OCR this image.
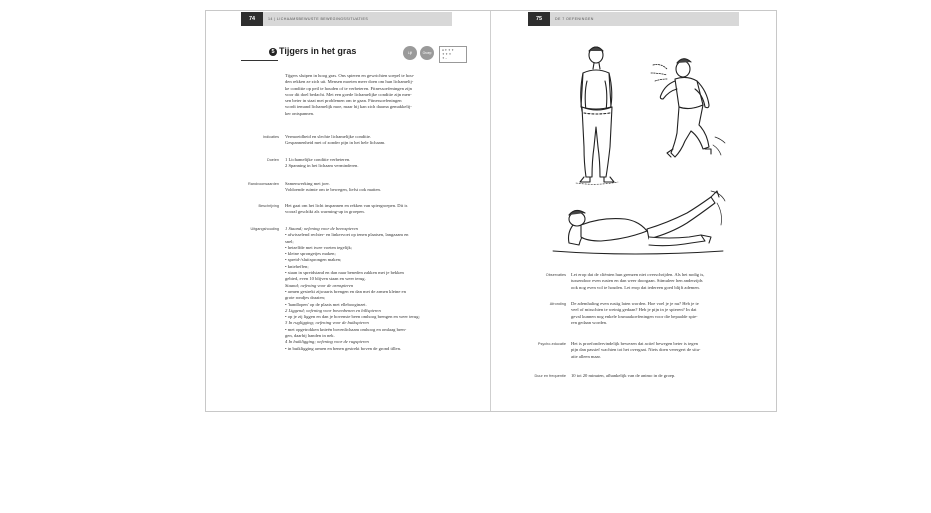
74	14 | LICHAAMSBEWUSTE BEWEGINGSSITUATIES
5 Tijgers in het gras	Lijf	Groep
A ✦ ✦ ✦
✦ ✦ ✦
✦ –
Tijgers sluipen in hoog gras. Ons spieren en gewrichten soepel te hou-
den rekken ze zich uit. Mensen moeten meer doen om hun lichamelij-
ke conditie op peil te houden of te verbeteren. Fitnessoefeningen zijn
voor dit doel bedacht. Met een goede lichamelijke conditie zijn men-
sen beter in staat met problemen om te gaan. Fitnessoefeningen
wordt iemand lichamelijk moe, maar hij kan zich daarna gemakkelij-
ker ontspannen.
Indicaties Vermoeidheid en slechte lichamelijke conditie.
Gespannenheid met of zonder pijn in het hele lichaam.
Doelen 1 Lichamelijke conditie verbeteren.
2 Spanning in het lichaam verminderen.
Randvoorwaarden Samenwerking met joer.
Voldoende ruimte om te bewegen, liefst ook matten.
Beschrijving Het gaat om het licht inspannen en rekken van spiergroepen. Dit is
vooral geschikt als warming-up in groepen.
Uitgangshouding 1 Staand; oefening voor de beenspieren
• afwisselend rechter- en linkervoet op tenen plaatsen, langzaam en
snel;
• hetzelfde met twee voeten tegelijk;
• kleine sprongetjes maken;
• spreid-/sluitsprongen maken;
• knieheffen;
• staan in spreidstand en dan naar beneden zakken met je bekken
gebied, even 10 blijven staan en weer terug.
Staand; oefening voor de armspieren
• armen gestrekt zijwaarts brengen en dan met de armen kleine en
grote rondjes draaien;
• 'handlopen' op de plaats met ellebooginzet.
2 Liggend; oefening voor bovenbenen en billspieren
• op je zij liggen en dan je bovenste been omhoog brengen en weer terug;
3 In rugligging; oefening voor de buikspieren
• met opgetrokken knieën bovenlichaam omhoog en omlaag bren-
gen, daarbij handen in nek.
4 In buikligging; oefening voor de rugspieren
• in buikligging armen en benen gestrekt boven de grond tillen.
75	DE 7 OEFENINGEN
Observaties Let erop dat de cliënten hun grenzen niet overschrijden. Als het nodig is,
tussendoor even rusten en dan weer doorgaan. Stimuleer hen anderzijds
ook nog even vol te houden. Let erop dat iedereen goed blijft ademen.
Afronding De ademhaling even rustig laten worden. Hoe voel je je nu? Heb je te
veel of misschien te weinig gedaan? Heb je pijn in je spieren? In dat
geval kunnen nog enkele losmaakoefeningen voor die bepaalde spie-
ren gedaan worden.
Psycho-educatie Het is proefondervindelijk bewezen dat actief bewegen beter is tegen
pijn dan passief wachten tot het overgaat. Niets doen verergert de situ-
atie alleen maar.
Duur en frequentie 10 tot 20 minuten, afhankelijk van de animo in de groep.
